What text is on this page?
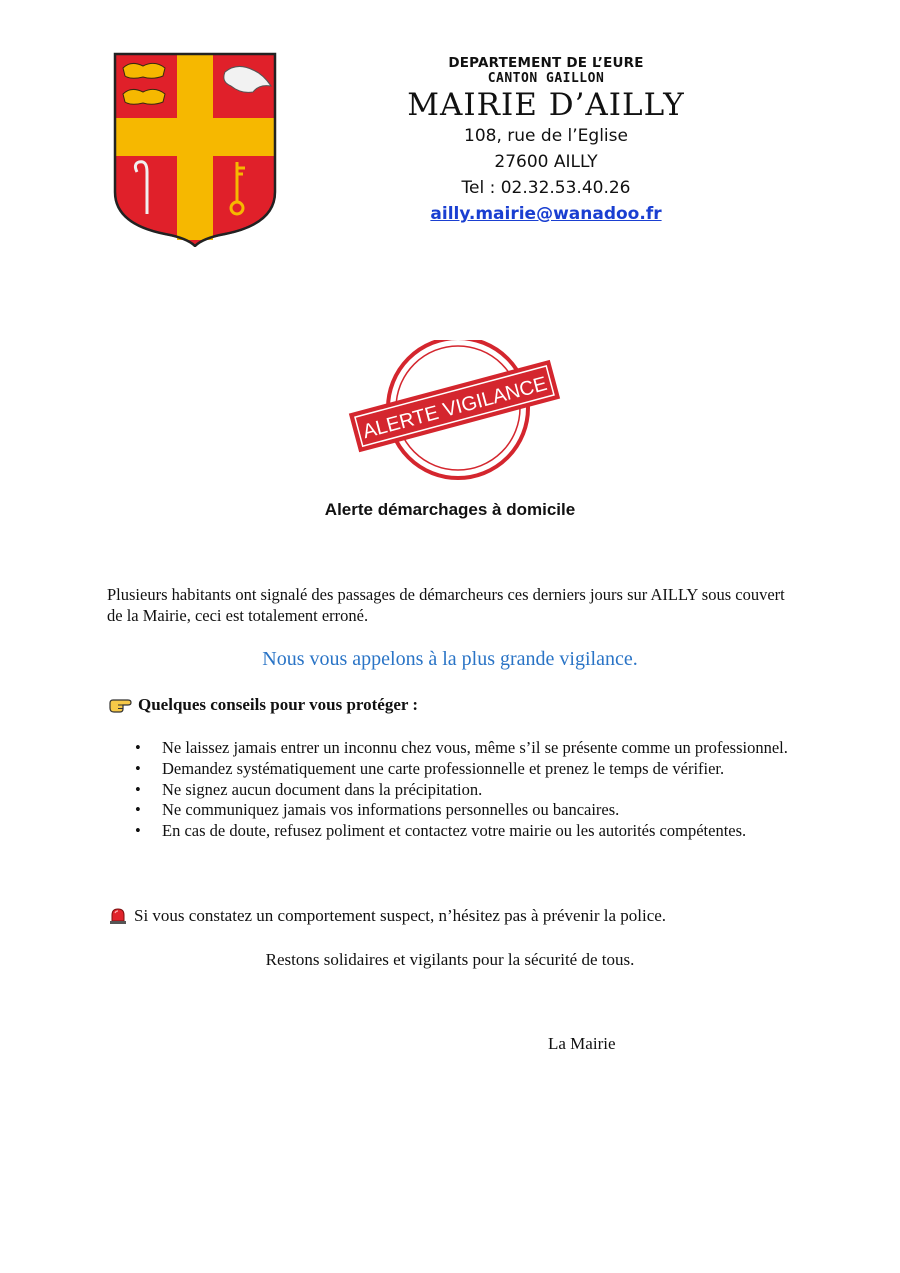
DEPARTEMENT DE L’EURE

CANTON GAILLON

MAIRIE D’AILLY

108, rue de l’Eglise

27600 AILLY

Tel : 02.32.53.40.26

ailly.mairie@wanadoo.fr
ALERTE VIGILANCE

Alerte démarchages à domicile

Plusieurs habitants ont signalé des passages de démarcheurs ces derniers jours sur AILLY sous couvert de la Mairie, ceci est totalement erroné.

Nous vous appelons à la plus grande vigilance.

Quelques conseils pour vous protéger :

• Ne laissez jamais entrer un inconnu chez vous, même s’il se présente comme un professionnel.
• Demandez systématiquement une carte professionnelle et prenez le temps de vérifier.
• Ne signez aucun document dans la précipitation.
• Ne communiquez jamais vos informations personnelles ou bancaires.
• En cas de doute, refusez poliment et contactez votre mairie ou les autorités compétentes.

Si vous constatez un comportement suspect, n’hésitez pas à prévenir la police.

Restons solidaires et vigilants pour la sécurité de tous.

La Mairie
